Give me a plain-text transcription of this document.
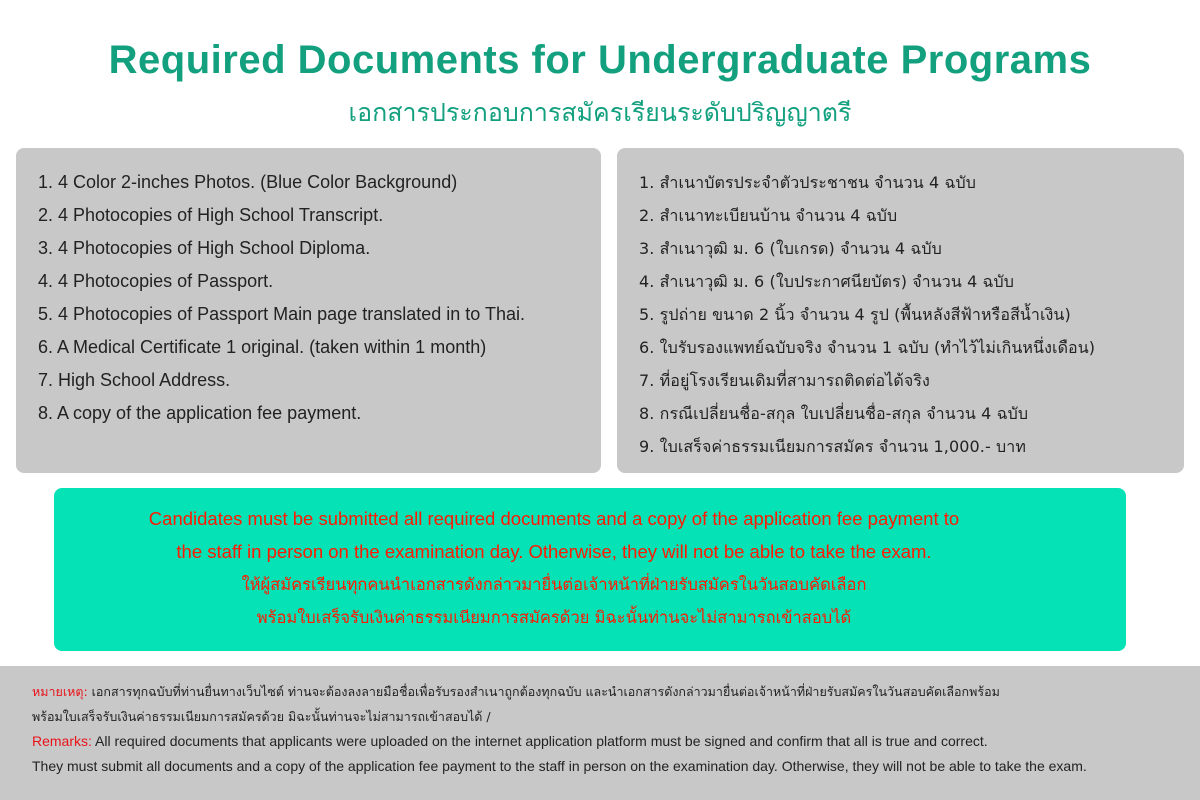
Required Documents for Undergraduate Programs
เอกสารประกอบการสมัครเรียนระดับปริญญาตรี
1. 4 Color 2-inches Photos. (Blue Color Background)
2. 4 Photocopies of High School Transcript.
3. 4 Photocopies of High School Diploma.
4. 4 Photocopies of Passport.
5. 4 Photocopies of Passport Main page translated in to Thai.
6. A Medical Certificate 1 original. (taken within 1 month)
7. High School Address.
8. A copy of the application fee payment.
1. สำเนาบัตรประจำตัวประชาชน จำนวน 4 ฉบับ
2. สำเนาทะเบียนบ้าน จำนวน 4 ฉบับ
3. สำเนาวุฒิ ม. 6 (ใบเกรด) จำนวน 4 ฉบับ
4. สำเนาวุฒิ ม. 6 (ใบประกาศนียบัตร) จำนวน 4 ฉบับ
5. รูปถ่าย ขนาด 2 นิ้ว จำนวน 4 รูป (พื้นหลังสีฟ้าหรือสีน้ำเงิน)
6. ใบรับรองแพทย์ฉบับจริง จำนวน 1 ฉบับ (ทำไว้ไม่เกินหนึ่งเดือน)
7. ที่อยู่โรงเรียนเดิมที่สามารถติดต่อได้จริง
8. กรณีเปลี่ยนชื่อ-สกุล ใบเปลี่ยนชื่อ-สกุล จำนวน 4 ฉบับ
9. ใบเสร็จค่าธรรมเนียมการสมัคร จำนวน 1,000.- บาท
Candidates must be submitted all required documents and a copy of the application fee payment to
the staff in person on the examination day. Otherwise, they will not be able to take the exam.
ให้ผู้สมัครเรียนทุกคนนำเอกสารดังกล่าวมายื่นต่อเจ้าหน้าที่ฝ่ายรับสมัครในวันสอบคัดเลือก
พร้อมใบเสร็จรับเงินค่าธรรมเนียมการสมัครด้วย มิฉะนั้นท่านจะไม่สามารถเข้าสอบได้
หมายเหตุ: เอกสารทุกฉบับที่ท่านยื่นทางเว็บไซต์ ท่านจะต้องลงลายมือชื่อเพื่อรับรองสำเนาถูกต้องทุกฉบับ และนำเอกสารดังกล่าวมายื่นต่อเจ้าหน้าที่ฝ่ายรับสมัครในวันสอบคัดเลือกพร้อม
พร้อมใบเสร็จรับเงินค่าธรรมเนียมการสมัครด้วย มิฉะนั้นท่านจะไม่สามารถเข้าสอบได้ /
Remarks: All required documents that applicants were uploaded on the internet application platform must be signed and confirm that all is true and correct.
They must submit all documents and a copy of the application fee payment to the staff in person on the examination day. Otherwise, they will not be able to take the exam.
